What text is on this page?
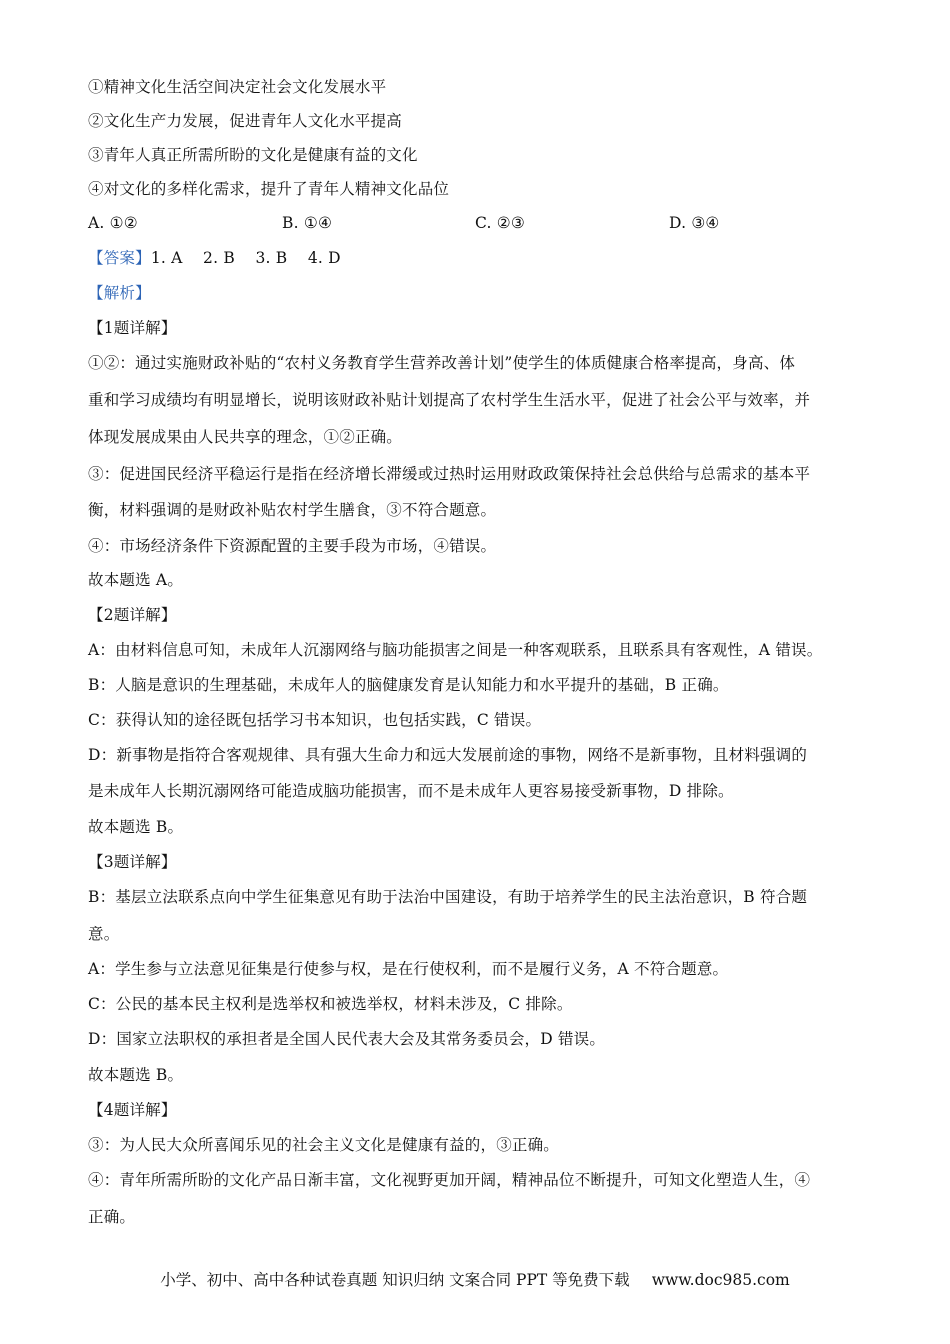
①精神文化生活空间决定社会文化发展水平
②文化生产力发展，促进青年人文化水平提高
③青年人真正所需所盼的文化是健康有益的文化
④对文化的多样化需求，提升了青年人精神文化品位
A. ①②	B. ①④	C. ②③	D. ③④
【答案】1. A    2. B    3. B    4. D
【解析】
【1题详解】
①②：通过实施财政补贴的“农村义务教育学生营养改善计划”使学生的体质健康合格率提高，身高、体
重和学习成绩均有明显增长，说明该财政补贴计划提高了农村学生生活水平，促进了社会公平与效率，并
体现发展成果由人民共享的理念，①②正确。
③：促进国民经济平稳运行是指在经济增长滞缓或过热时运用财政政策保持社会总供给与总需求的基本平
衡，材料强调的是财政补贴农村学生膳食，③不符合题意。
④：市场经济条件下资源配置的主要手段为市场，④错误。
故本题选 A。
【2题详解】
A：由材料信息可知，未成年人沉溺网络与脑功能损害之间是一种客观联系，且联系具有客观性，A 错误。
B：人脑是意识的生理基础，未成年人的脑健康发育是认知能力和水平提升的基础，B 正确。
C：获得认知的途径既包括学习书本知识，也包括实践，C 错误。
D：新事物是指符合客观规律、具有强大生命力和远大发展前途的事物，网络不是新事物，且材料强调的
是未成年人长期沉溺网络可能造成脑功能损害，而不是未成年人更容易接受新事物，D 排除。
故本题选 B。
【3题详解】
B：基层立法联系点向中学生征集意见有助于法治中国建设，有助于培养学生的民主法治意识，B 符合题
意。
A：学生参与立法意见征集是行使参与权，是在行使权利，而不是履行义务，A 不符合题意。
C：公民的基本民主权利是选举权和被选举权，材料未涉及，C 排除。
D：国家立法职权的承担者是全国人民代表大会及其常务委员会，D 错误。
故本题选 B。
【4题详解】
③：为人民大众所喜闻乐见的社会主义文化是健康有益的，③正确。
④：青年所需所盼的文化产品日渐丰富，文化视野更加开阔，精神品位不断提升，可知文化塑造人生，④
正确。
小学、初中、高中各种试卷真题 知识归纳 文案合同 PPT 等免费下载 www.doc985.com
